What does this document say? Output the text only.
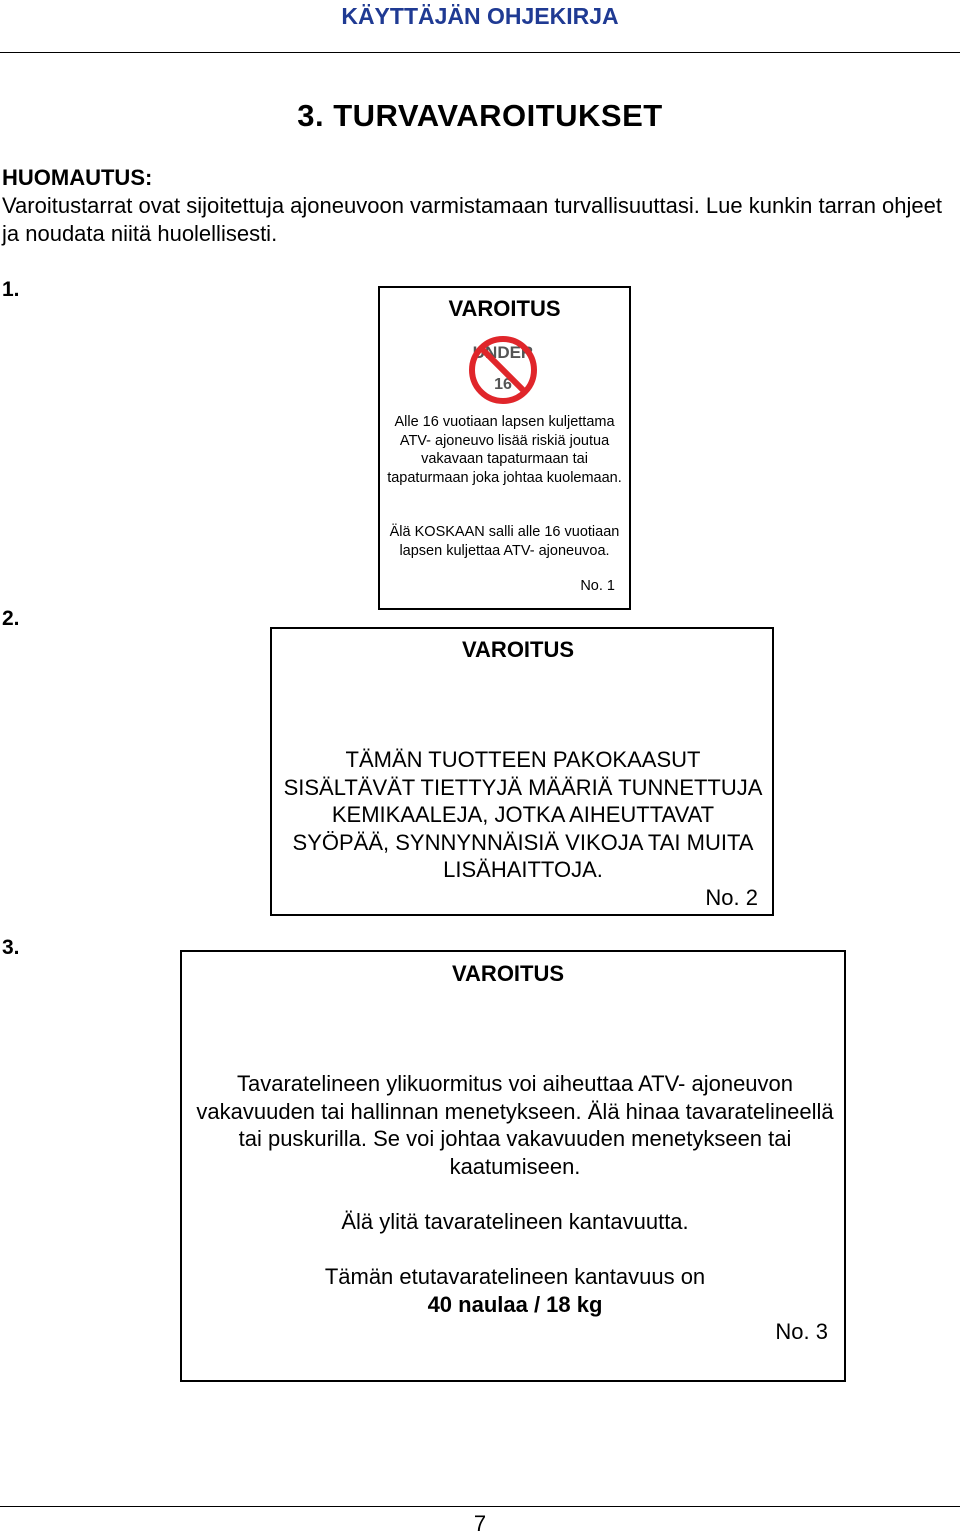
KÄYTTÄJÄN OHJEKIRJA
3. TURVAVAROITUKSET
HUOMAUTUS:
Varoitustarrat ovat sijoitettuja ajoneuvoon varmistamaan turvallisuuttasi. Lue kunkin tarran ohjeet ja noudata niitä huolellisesti.
1.
2.
3.
VAROITUS
UNDER
16
Alle 16 vuotiaan lapsen kuljettama ATV- ajoneuvo lisää riskiä joutua vakavaan tapaturmaan tai tapaturmaan joka johtaa kuolemaan.
Älä KOSKAAN salli alle 16 vuotiaan lapsen kuljettaa ATV- ajoneuvoa.
No. 1
VAROITUS
TÄMÄN TUOTTEEN PAKOKAASUT SISÄLTÄVÄT TIETTYJÄ MÄÄRIÄ TUNNETTUJA KEMIKAALEJA, JOTKA AIHEUTTAVAT SYÖPÄÄ, SYNNYNNÄISIÄ VIKOJA TAI MUITA LISÄHAITTOJA.
No. 2
VAROITUS
Tavaratelineen ylikuormitus voi aiheuttaa ATV- ajoneuvon vakavuuden tai hallinnan menetykseen. Älä hinaa tavaratelineellä tai puskurilla. Se voi johtaa vakavuuden menetykseen tai kaatumiseen.
Älä ylitä tavaratelineen kantavuutta.
Tämän etutavaratelineen kantavuus on
40 naulaa / 18 kg
No. 3
7
